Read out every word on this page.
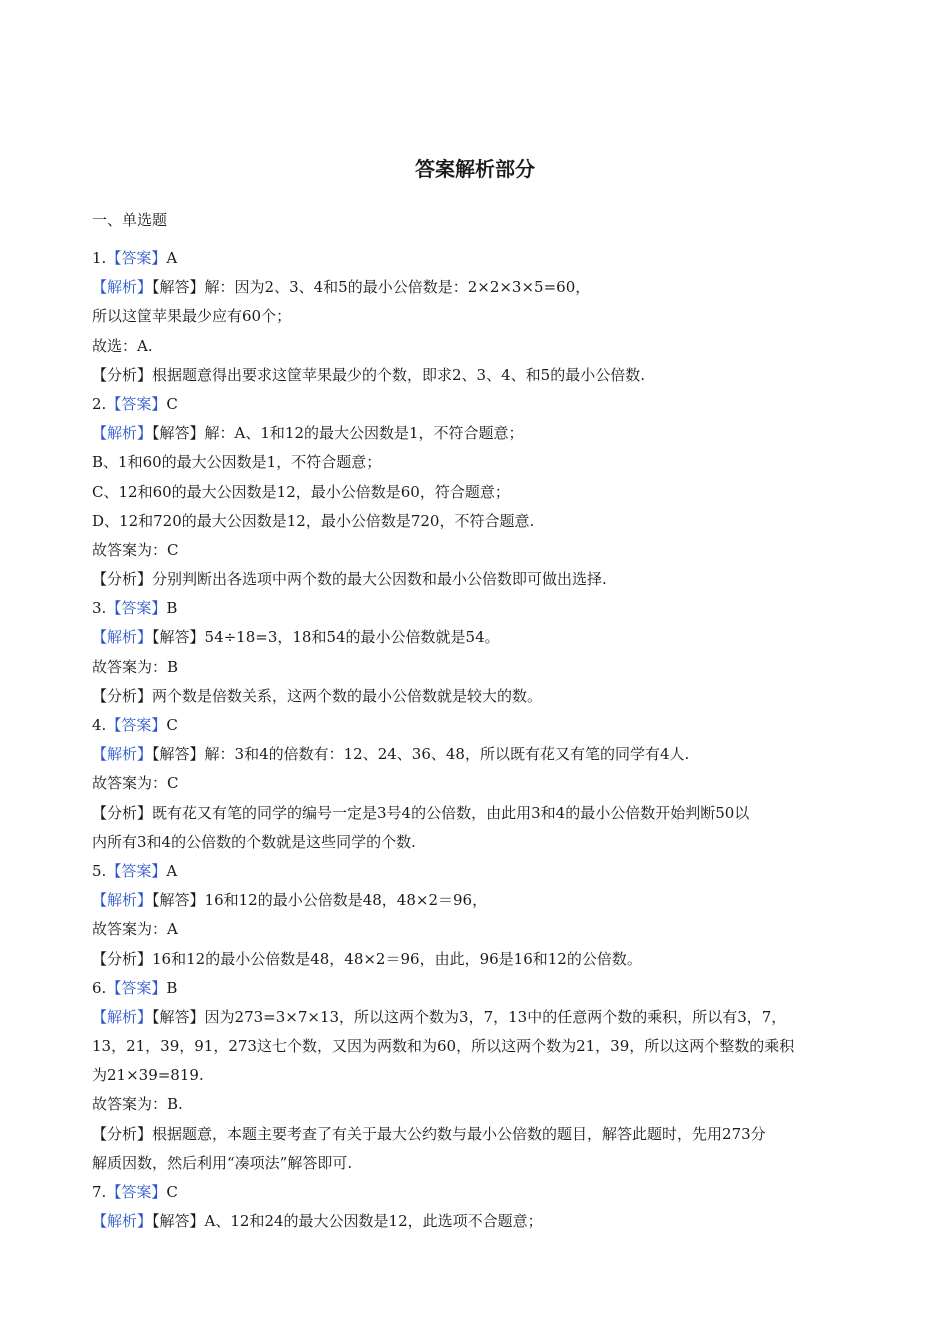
答案解析部分
一、单选题
1.【答案】A
【解析】【解答】解：因为2、3、4和5的最小公倍数是：2×2×3×5=60，
所以这筐苹果最少应有60个；
故选：A.
【分析】根据题意得出要求这筐苹果最少的个数，即求2、3、4、和5的最小公倍数.
2.【答案】C
【解析】【解答】解：A、1和12的最大公因数是1，不符合题意；
B、1和60的最大公因数是1，不符合题意；
C、12和60的最大公因数是12，最小公倍数是60，符合题意；
D、12和720的最大公因数是12，最小公倍数是720，不符合题意.
故答案为：C
【分析】分别判断出各选项中两个数的最大公因数和最小公倍数即可做出选择.
3.【答案】B
【解析】【解答】54÷18=3，18和54的最小公倍数就是54。
故答案为：B
【分析】两个数是倍数关系，这两个数的最小公倍数就是较大的数。
4.【答案】C
【解析】【解答】解：3和4的倍数有：12、24、36、48，所以既有花又有笔的同学有4人.
故答案为：C
【分析】既有花又有笔的同学的编号一定是3号4的公倍数，由此用3和4的最小公倍数开始判断50以
内所有3和4的公倍数的个数就是这些同学的个数.
5.【答案】A
【解析】【解答】16和12的最小公倍数是48，48×2＝96，
故答案为：A
【分析】16和12的最小公倍数是48，48×2＝96，由此，96是16和12的公倍数。
6.【答案】B
【解析】【解答】因为273=3×7×13，所以这两个数为3，7，13中的任意两个数的乘积，所以有3，7，
13，21，39，91，273这七个数，又因为两数和为60，所以这两个数为21，39，所以这两个整数的乘积
为21×39=819.
故答案为：B.
【分析】根据题意，本题主要考查了有关于最大公约数与最小公倍数的题目，解答此题时，先用273分
解质因数，然后利用“凑项法”解答即可.
7.【答案】C
【解析】【解答】A、12和24的最大公因数是12，此选项不合题意；
